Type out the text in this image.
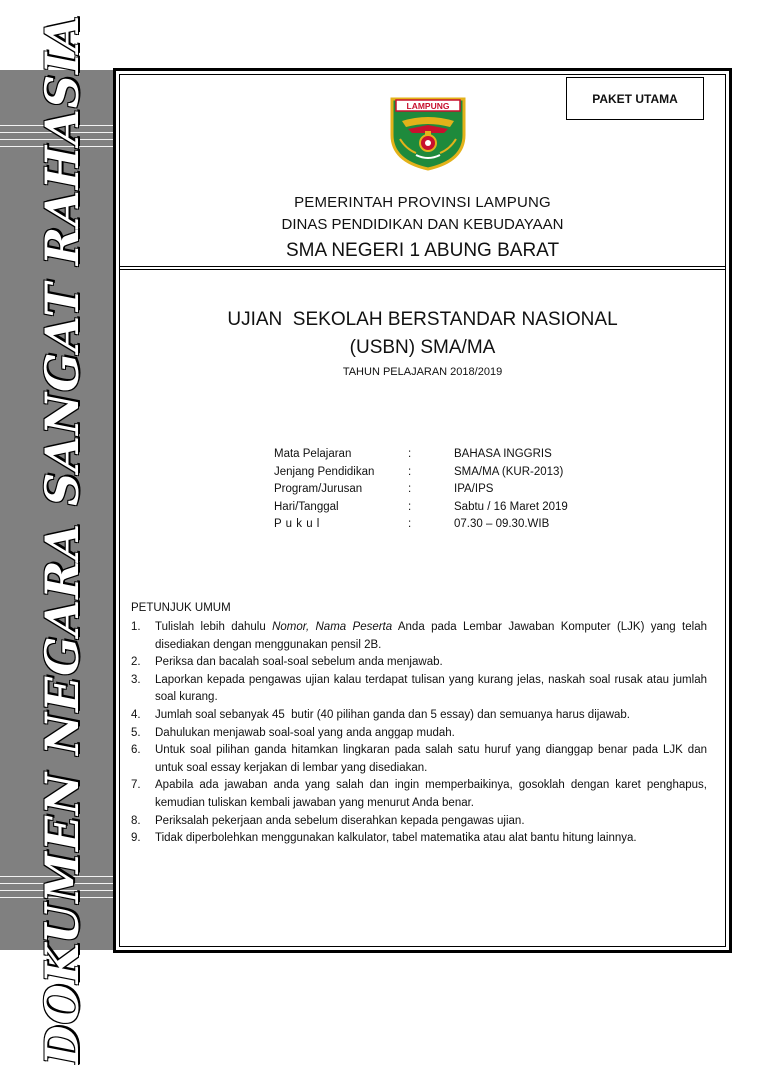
DOKUMEN NEGARA SANGAT RAHASIA	PAKET UTAMA
LAMPUNG
PEMERINTAH PROVINSI LAMPUNG
DINAS PENDIDIKAN DAN KEBUDAYAAN
SMA NEGERI 1 ABUNG BARAT
UJIAN  SEKOLAH BERSTANDAR NASIONAL
(USBN) SMA/MA
TAHUN PELAJARAN 2018/2019
Mata Pelajaran	:	BAHASA INGGRIS
Jenjang Pendidikan	:	SMA/MA (KUR-2013)
Program/Jurusan	:	IPA/IPS
Hari/Tanggal	:	Sabtu / 16 Maret 2019
P u k u l	:	07.30 – 09.30.WIB
PETUNJUK UMUM
1. Tulislah lebih dahulu Nomor, Nama Peserta Anda pada Lembar Jawaban Komputer (LJK) yang telah disediakan dengan menggunakan pensil 2B.
2. Periksa dan bacalah soal-soal sebelum anda menjawab.
3. Laporkan kepada pengawas ujian kalau terdapat tulisan yang kurang jelas, naskah soal rusak atau jumlah soal kurang.
4. Jumlah soal sebanyak 45  butir (40 pilihan ganda dan 5 essay) dan semuanya harus dijawab.
5. Dahulukan menjawab soal-soal yang anda anggap mudah.
6. Untuk soal pilihan ganda hitamkan lingkaran pada salah satu huruf yang dianggap benar pada LJK dan untuk soal essay kerjakan di lembar yang disediakan.
7. Apabila ada jawaban anda yang salah dan ingin memperbaikinya, gosoklah dengan karet penghapus, kemudian tuliskan kembali jawaban yang menurut Anda benar.
8. Periksalah pekerjaan anda sebelum diserahkan kepada pengawas ujian.
9. Tidak diperbolehkan menggunakan kalkulator, tabel matematika atau alat bantu hitung lainnya.
